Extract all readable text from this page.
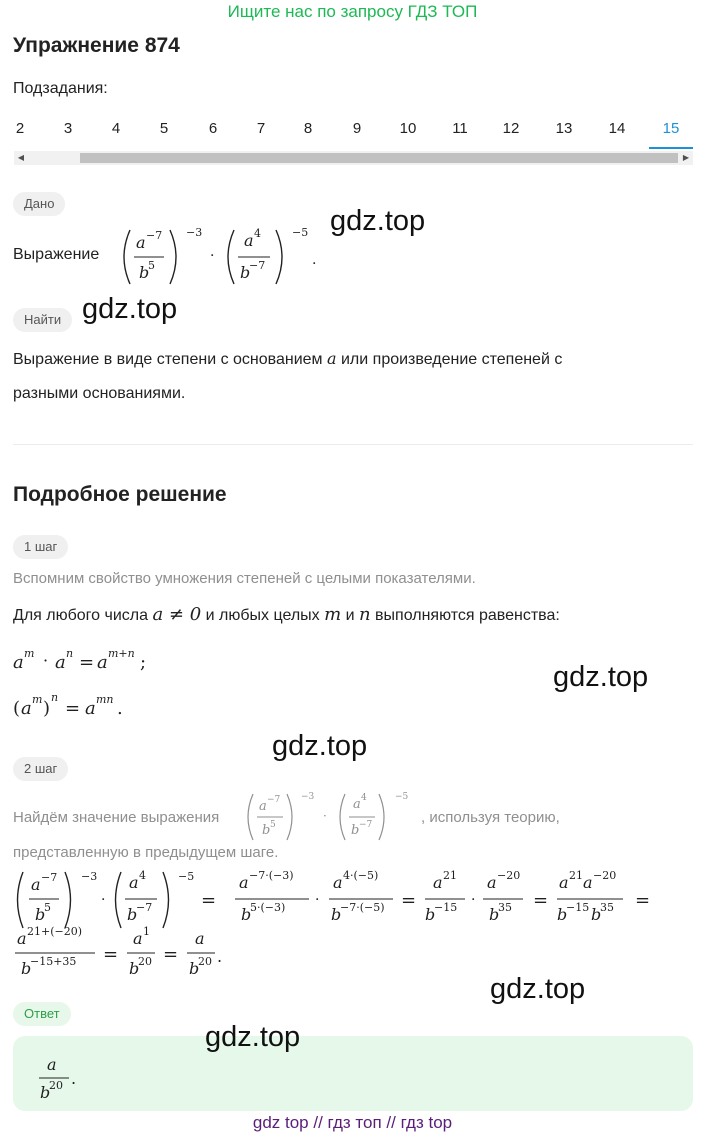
Ищите нас по запросу ГДЗ ТОП
Упражнение 874
Подзадания:
2	3	4	5	6	7	8	9	10	11	12	13	14	15
◀	▶
Дано
Выражение
a −7
b
5
−3
·
a 4
b
−7
−5
.
Найти
Выражение в виде степени с основанием a или произведение степеней с
разными основаниями.
Подробное решение
1 шаг
Вспомним свойство умножения степеней с целыми показателями.
Для любого числа a ≠ 0 и любых целых m и n выполняются равенства:
a m · a n = a m+n ;
( a m )
n
= a mn .
2 шаг
Найдём значение выражения
a −7
b 5
−3
·
a 4
b −7
−5
, используя теорию,
представленную в предыдущем шаге.
a −7
b
5
−3
·
a 4
b
−7
−5
=
a −7·(−3)
b
5·(−3) ·
a 4·(−5)
b
−7·(−5) =
a 21
b
−15 ·
a −20
b
35 =
a 21 a −20
b
−15 b
35 =
a 21+(−20)
b
−15+35 =
a 1
b
20 =
a
b
20 .
Ответ
a
b
20 .
gdz.top
gdz.top
gdz.top
gdz.top
gdz.top
gdz.top
gdz top // гдз топ // гдз top
